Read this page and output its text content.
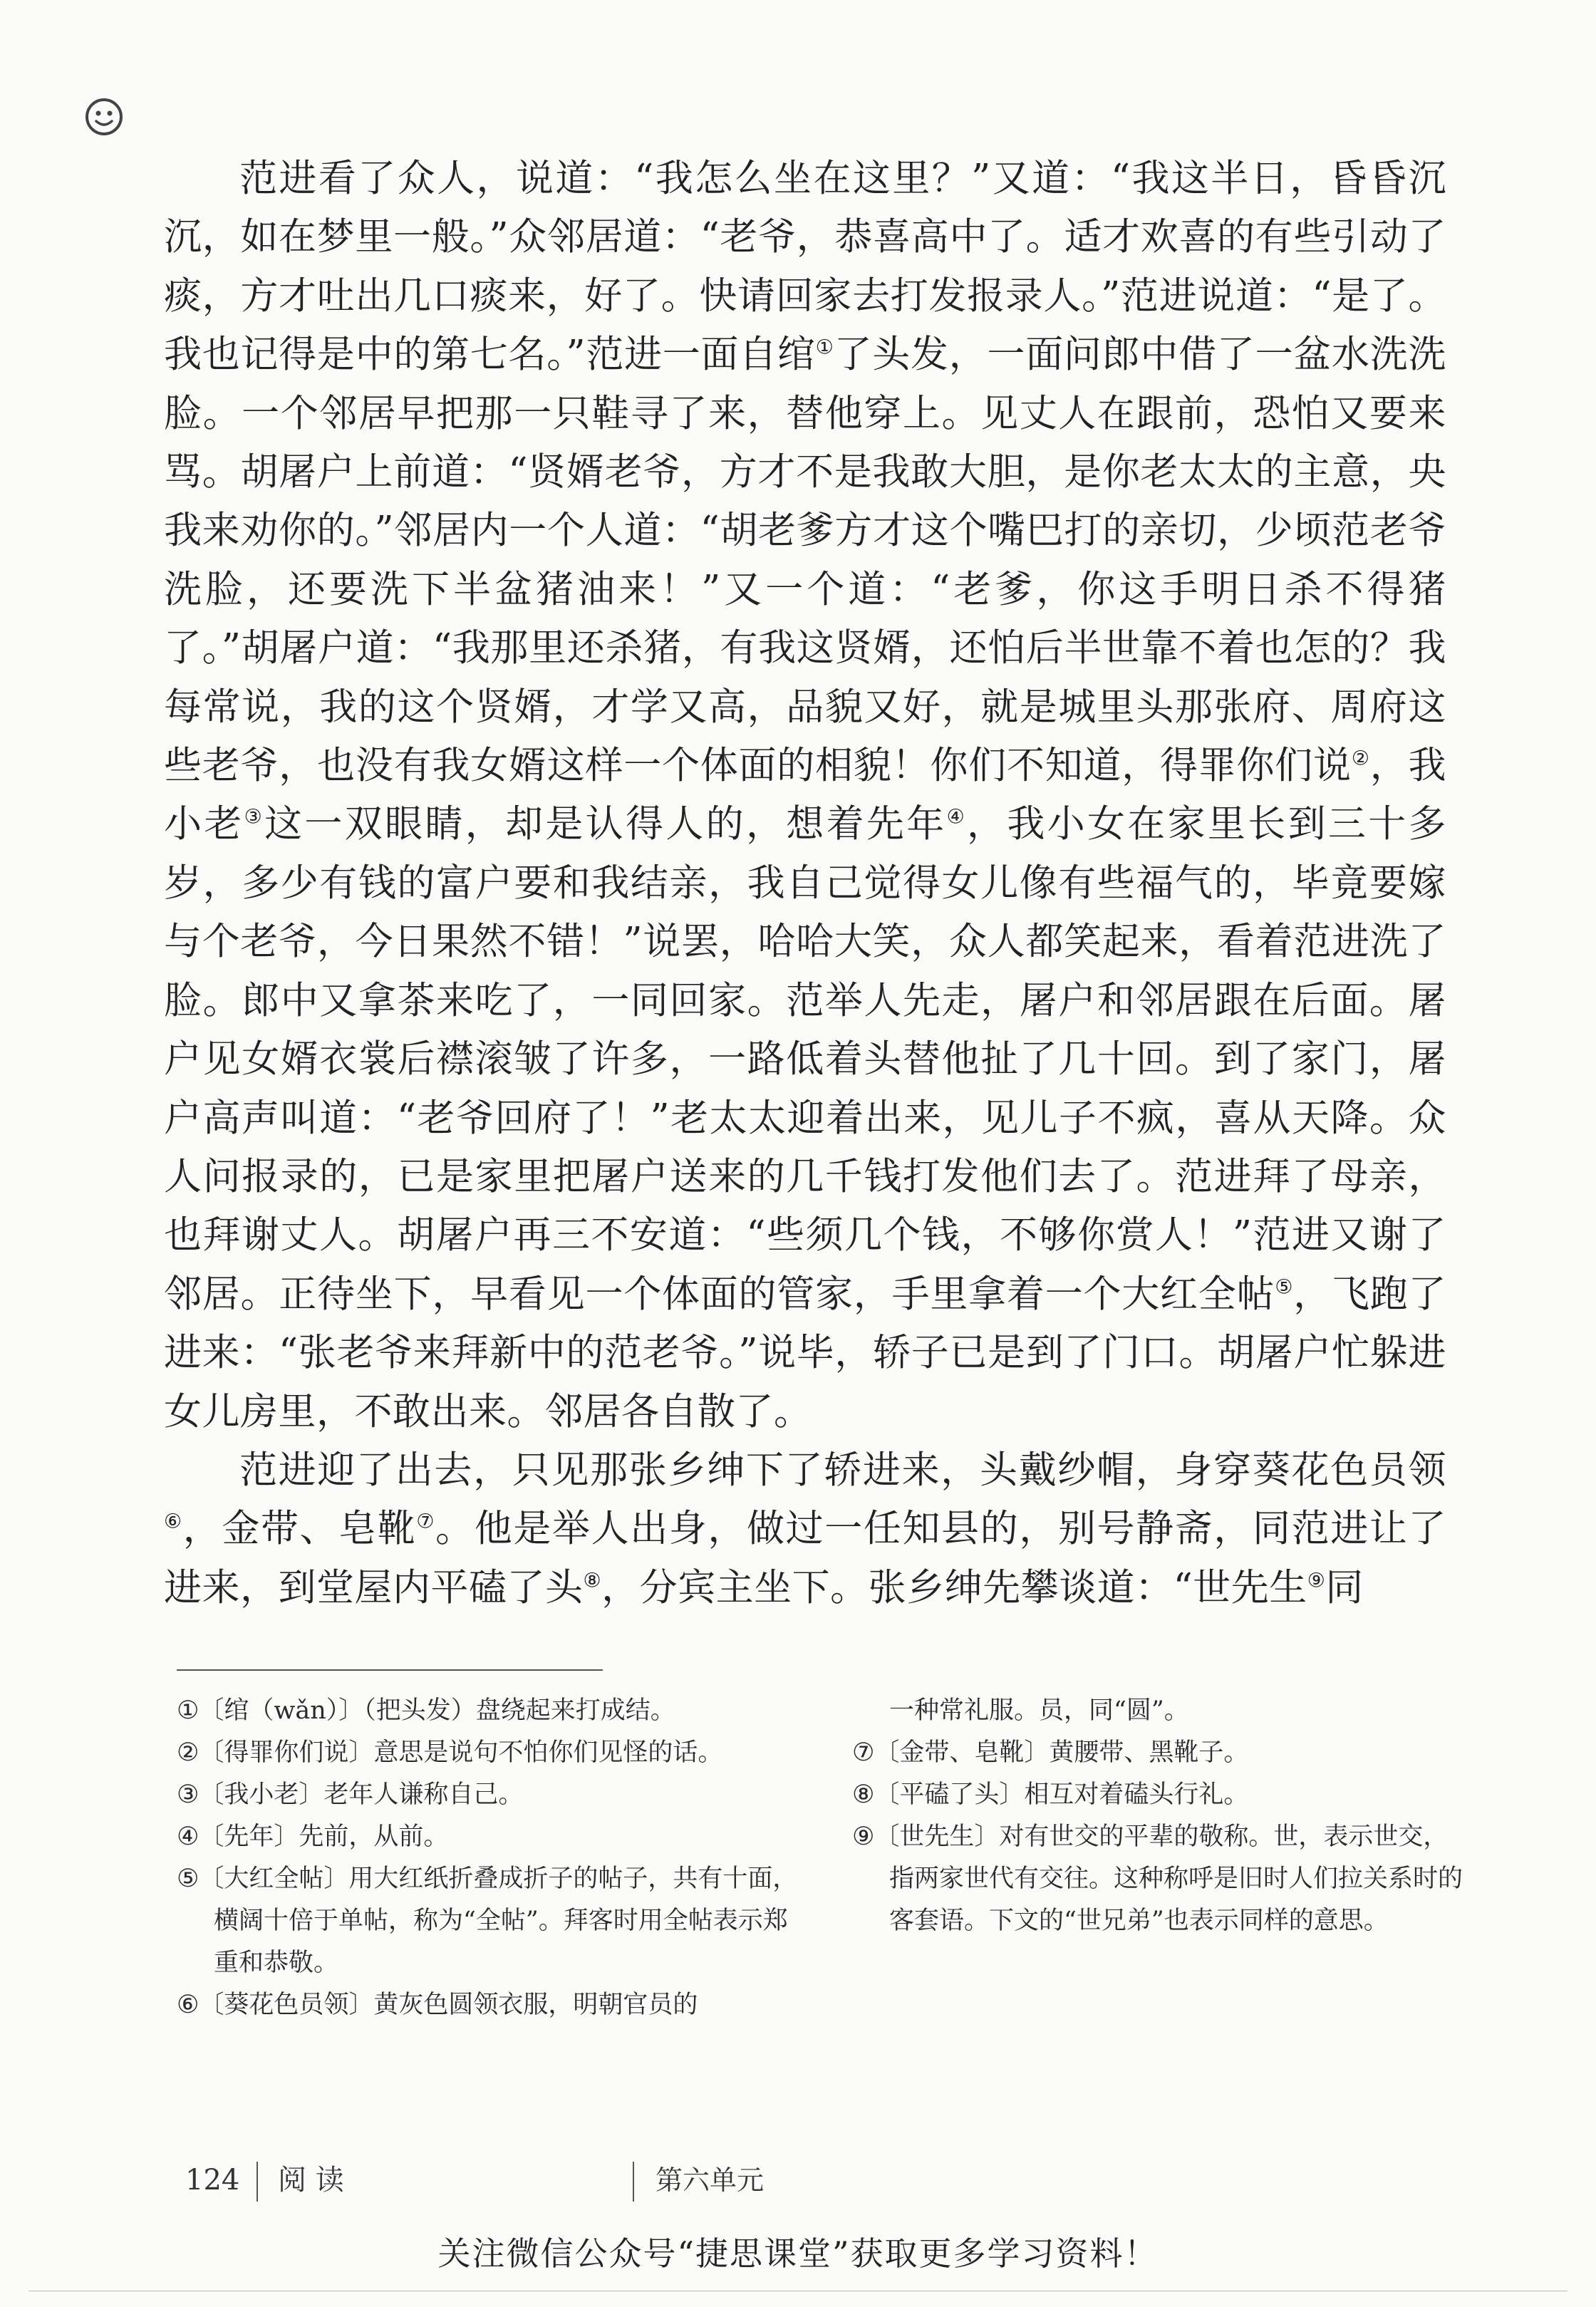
范进看了众人，说道：“我怎么坐在这里？”又道：“我这半日，昏昏沉沉，如在梦里一般。”众邻居道：“老爷，恭喜高中了。适才欢喜的有些引动了痰，方才吐出几口痰来，好了。快请回家去打发报录人。”范进说道：“是了。我也记得是中的第七名。”范进一面自绾①了头发，一面问郎中借了一盆水洗洗脸。一个邻居早把那一只鞋寻了来，替他穿上。见丈人在跟前，恐怕又要来骂。胡屠户上前道：“贤婿老爷，方才不是我敢大胆，是你老太太的主意，央我来劝你的。”邻居内一个人道：“胡老爹方才这个嘴巴打的亲切，少顷范老爷洗脸，还要洗下半盆猪油来！”又一个道：“老爹，你这手明日杀不得猪了。”胡屠户道：“我那里还杀猪，有我这贤婿，还怕后半世靠不着也怎的？我每常说，我的这个贤婿，才学又高，品貌又好，就是城里头那张府、周府这些老爷，也没有我女婿这样一个体面的相貌！你们不知道，得罪你们说②，我小老③这一双眼睛，却是认得人的，想着先年④，我小女在家里长到三十多岁，多少有钱的富户要和我结亲，我自己觉得女儿像有些福气的，毕竟要嫁与个老爷，今日果然不错！”说罢，哈哈大笑，众人都笑起来，看着范进洗了脸。郎中又拿茶来吃了，一同回家。范举人先走，屠户和邻居跟在后面。屠户见女婿衣裳后襟滚皱了许多，一路低着头替他扯了几十回。到了家门，屠户高声叫道：“老爷回府了！”老太太迎着出来，见儿子不疯，喜从天降。众人问报录的，已是家里把屠户送来的几千钱打发他们去了。范进拜了母亲，也拜谢丈人。胡屠户再三不安道：“些须几个钱，不够你赏人！”范进又谢了邻居。正待坐下，早看见一个体面的管家，手里拿着一个大红全帖⑤，飞跑了进来：“张老爷来拜新中的范老爷。”说毕，轿子已是到了门口。胡屠户忙躲进女儿房里，不敢出来。邻居各自散了。

范进迎了出去，只见那张乡绅下了轿进来，头戴纱帽，身穿葵花色员领⑥，金带、皂靴⑦。他是举人出身，做过一任知县的，别号静斋，同范进让了进来，到堂屋内平磕了头⑧，分宾主坐下。张乡绅先攀谈道：“世先生⑨同

①〔绾（wǎn）〕（把头发）盘绕起来打成结。

②〔得罪你们说〕意思是说句不怕你们见怪的话。

③〔我小老〕老年人谦称自己。

④〔先年〕先前，从前。

⑤〔大红全帖〕用大红纸折叠成折子的帖子，共有十面，横阔十倍于单帖，称为“全帖”。拜客时用全帖表示郑重和恭敬。

⑥〔葵花色员领〕黄灰色圆领衣服，明朝官员的

一种常礼服。员，同“圆”。

⑦〔金带、皂靴〕黄腰带、黑靴子。

⑧〔平磕了头〕相互对着磕头行礼。

⑨〔世先生〕对有世交的平辈的敬称。世，表示世交，指两家世代有交往。这种称呼是旧时人们拉关系时的客套语。下文的“世兄弟”也表示同样的意思。

124 阅 读	第六单元
关注微信公众号“捷思课堂”获取更多学习资料！
